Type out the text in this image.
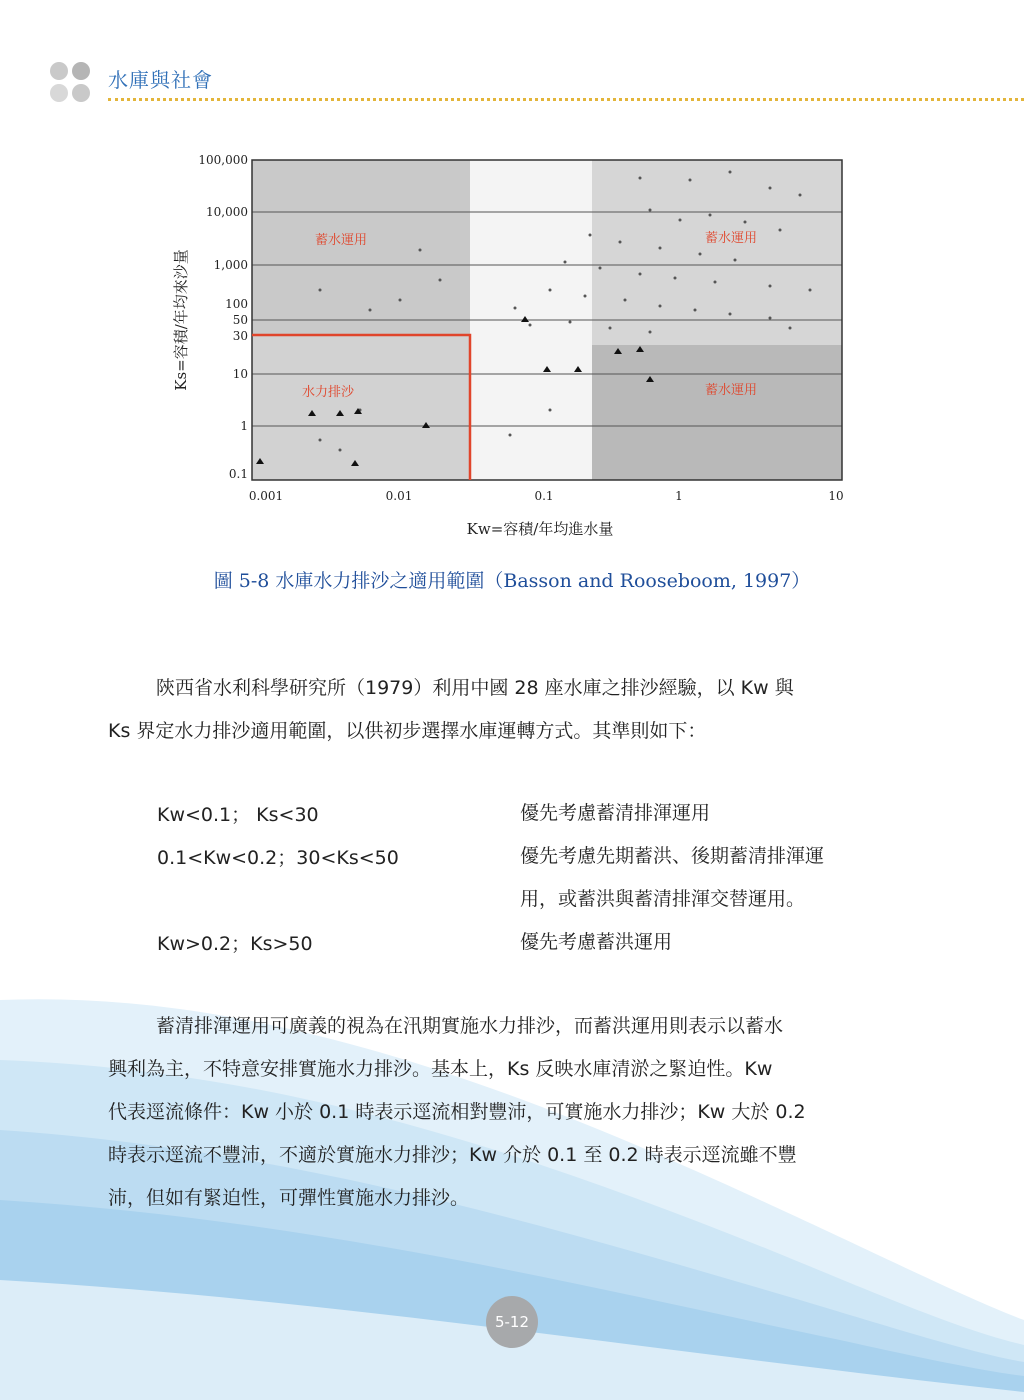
水庫與社會
蓄水運用	蓄水運用
水力排沙	蓄水運用
100,000
10,000
1,000
100
50
30
10
1
0.1
0.001	0.01	0.1	1	10
Kw=容積/年均進水量
Ks=容積/年均來沙量
圖 5-8 水庫水力排沙之適用範圍（Basson and Rooseboom, 1997）
陝西省水利科學研究所（1979）利用中國 28 座水庫之排沙經驗，以 Kw 與
Ks 界定水力排沙適用範圍，以供初步選擇水庫運轉方式。其準則如下：
Kw<0.1； Ks<30	優先考慮蓄清排渾運用
0.1<Kw<0.2；30<Ks<50	優先考慮先期蓄洪、後期蓄清排渾運
用，或蓄洪與蓄清排渾交替運用。
Kw>0.2；Ks>50	優先考慮蓄洪運用
蓄清排渾運用可廣義的視為在汛期實施水力排沙，而蓄洪運用則表示以蓄水
興利為主，不特意安排實施水力排沙。基本上，Ks 反映水庫清淤之緊迫性。Kw
代表逕流條件：Kw 小於 0.1 時表示逕流相對豐沛，可實施水力排沙；Kw 大於 0.2
時表示逕流不豐沛，不適於實施水力排沙；Kw 介於 0.1 至 0.2 時表示逕流雖不豐
沛，但如有緊迫性，可彈性實施水力排沙。
5-12
